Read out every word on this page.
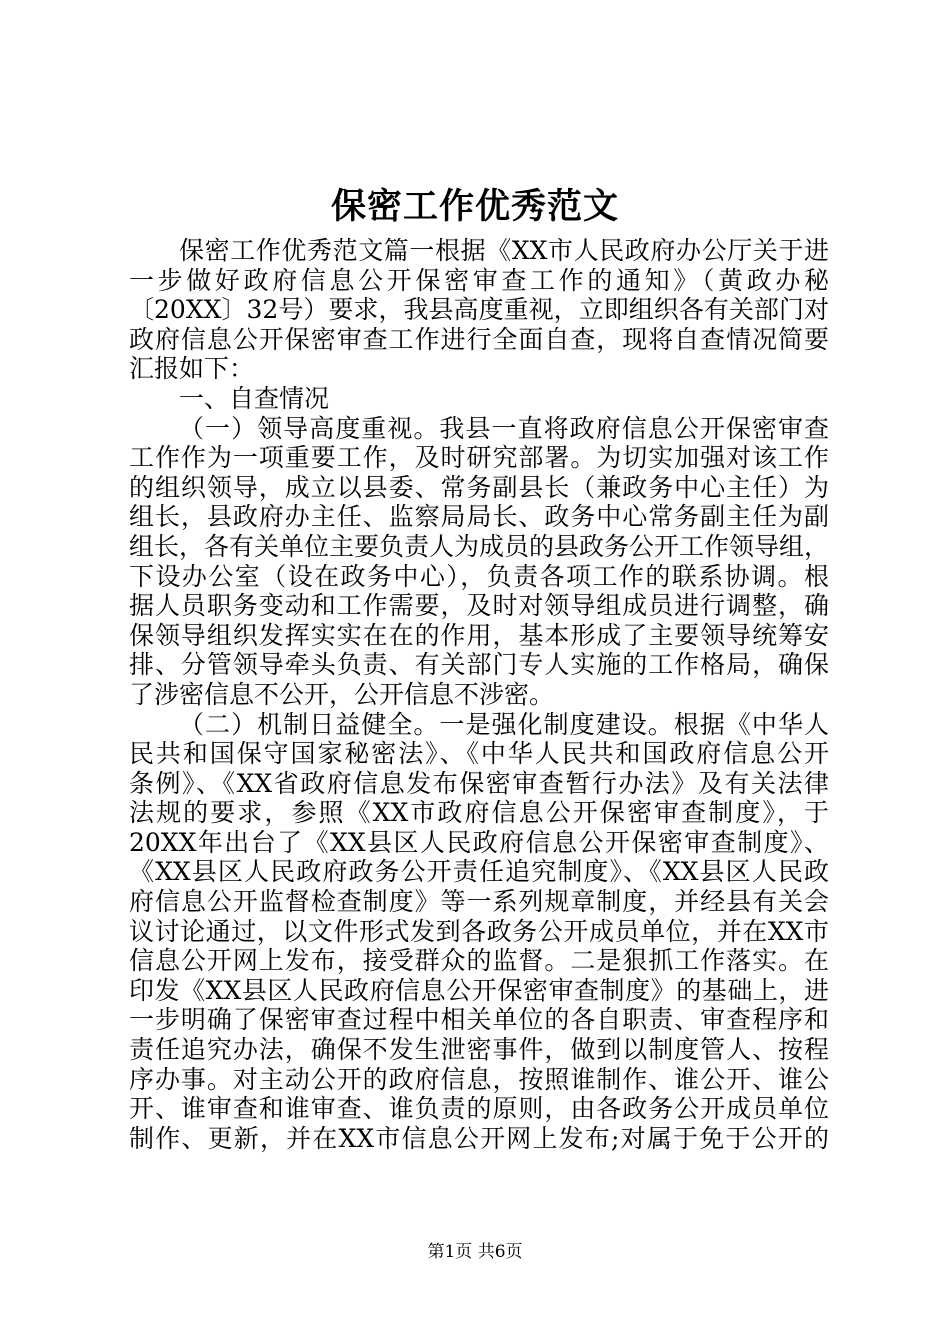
保密工作优秀范文
保密工作优秀范文篇一根据《XX市人民政府办公厅关于进
一步做好政府信息公开保密审查工作的通知》（黄政办秘
〔20XX〕32号）要求，我县高度重视，立即组织各有关部门对
政府信息公开保密审查工作进行全面自查，现将自查情况简要
汇报如下：
一、自查情况
（一）领导高度重视。我县一直将政府信息公开保密审查
工作作为一项重要工作，及时研究部署。为切实加强对该工作
的组织领导，成立以县委、常务副县长（兼政务中心主任）为
组长，县政府办主任、监察局局长、政务中心常务副主任为副
组长，各有关单位主要负责人为成员的县政务公开工作领导组，
下设办公室（设在政务中心），负责各项工作的联系协调。根
据人员职务变动和工作需要，及时对领导组成员进行调整，确
保领导组织发挥实实在在的作用，基本形成了主要领导统筹安
排、分管领导牵头负责、有关部门专人实施的工作格局，确保
了涉密信息不公开，公开信息不涉密。
（二）机制日益健全。一是强化制度建设。根据《中华人
民共和国保守国家秘密法》、《中华人民共和国政府信息公开
条例》、《XX省政府信息发布保密审查暂行办法》及有关法律
法规的要求，参照《XX市政府信息公开保密审查制度》，于
20XX年出台了《XX县区人民政府信息公开保密审查制度》、
《XX县区人民政府政务公开责任追究制度》、《XX县区人民政
府信息公开监督检查制度》等一系列规章制度，并经县有关会
议讨论通过，以文件形式发到各政务公开成员单位，并在XX市
信息公开网上发布，接受群众的监督。二是狠抓工作落实。在
印发《XX县区人民政府信息公开保密审查制度》的基础上，进
一步明确了保密审查过程中相关单位的各自职责、审查程序和
责任追究办法，确保不发生泄密事件，做到以制度管人、按程
序办事。对主动公开的政府信息，按照谁制作、谁公开、谁公
开、谁审查和谁审查、谁负责的原则，由各政务公开成员单位
制作、更新，并在XX市信息公开网上发布;对属于免于公开的
第1页 共6页
